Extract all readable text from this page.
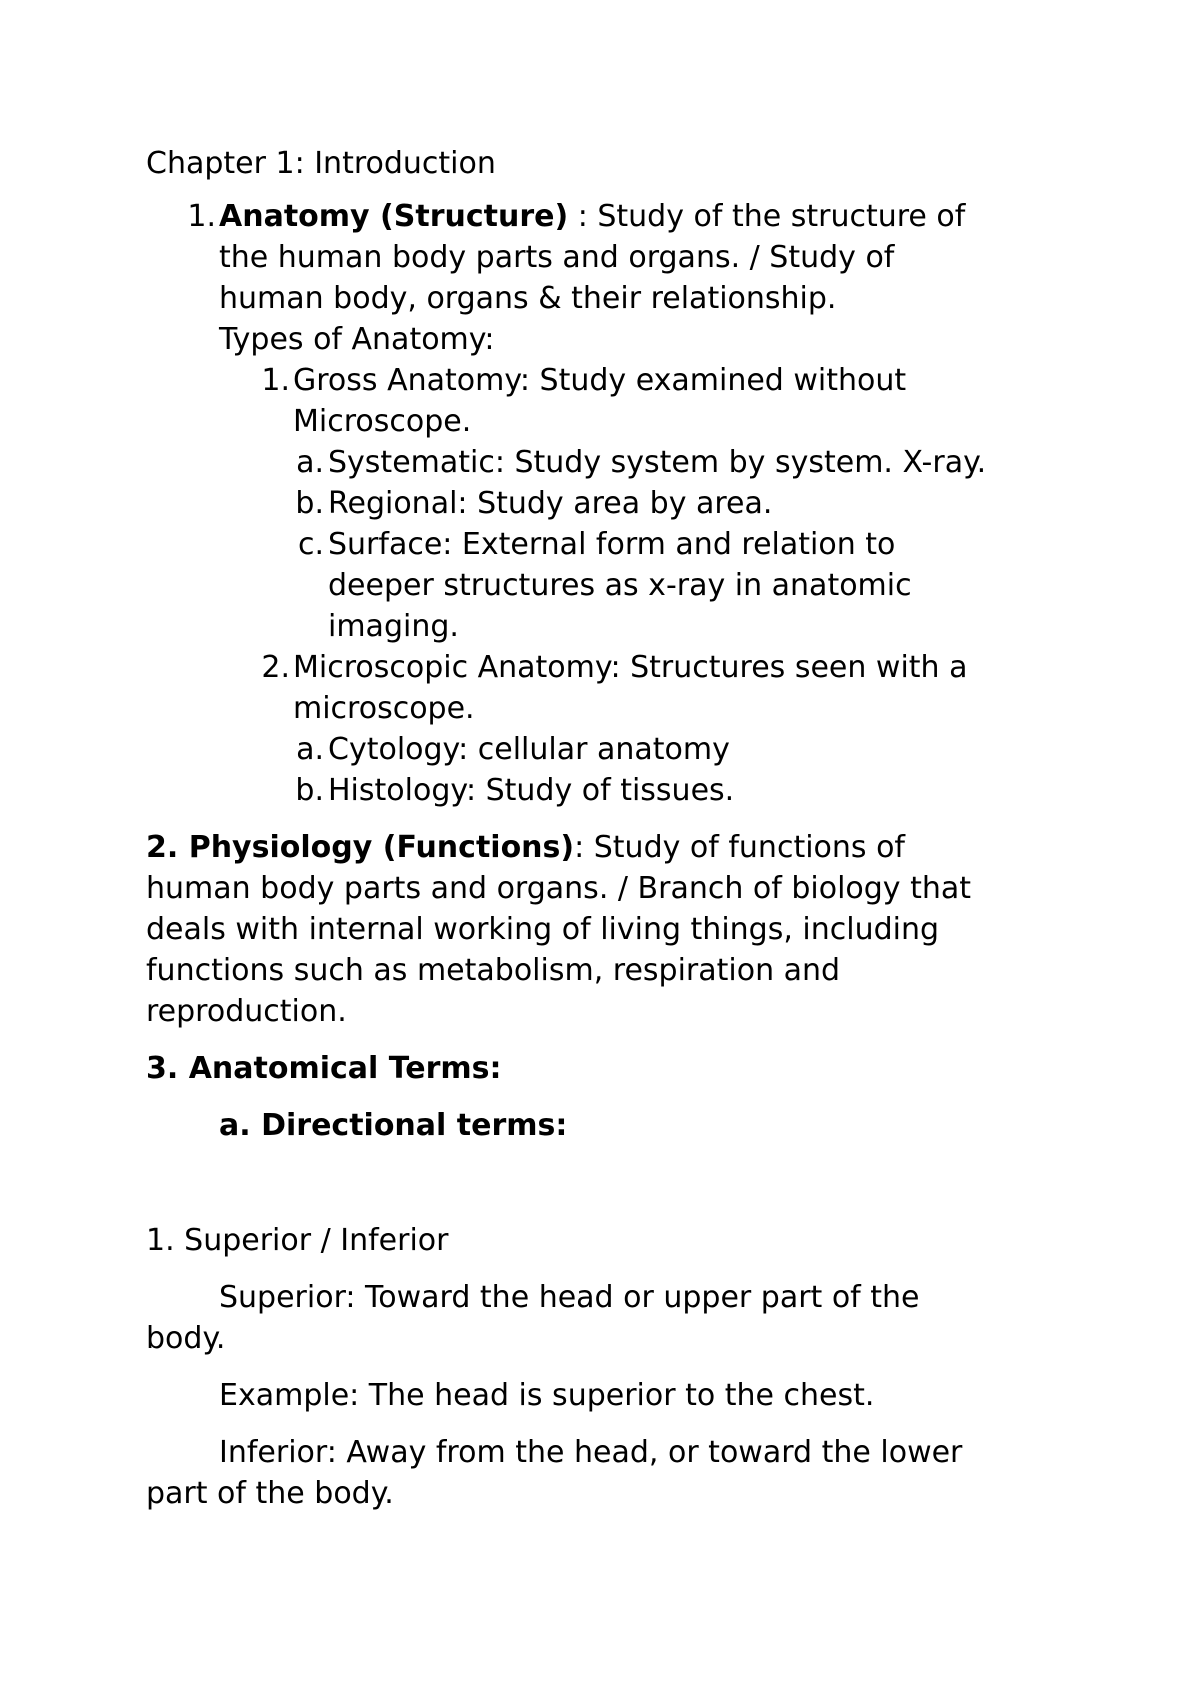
Chapter 1: Introduction
1. Anatomy (Structure) : Study of the structure of
the human body parts and organs. / Study of
human body, organs & their relationship.
Types of Anatomy:
1. Gross Anatomy: Study examined without
Microscope.
a. Systematic: Study system by system. X-ray.
b. Regional: Study area by area.
c. Surface: External form and relation to
deeper structures as x-ray in anatomic
imaging.
2. Microscopic Anatomy: Structures seen with a
microscope.
a. Cytology: cellular anatomy
b. Histology: Study of tissues.
2. Physiology (Functions): Study of functions of
human body parts and organs. / Branch of biology that
deals with internal working of living things, including
functions such as metabolism, respiration and
reproduction.
3. Anatomical Terms:
a. Directional terms:
1. Superior / Inferior
Superior: Toward the head or upper part of the
body.
Example: The head is superior to the chest.
Inferior: Away from the head, or toward the lower
part of the body.
